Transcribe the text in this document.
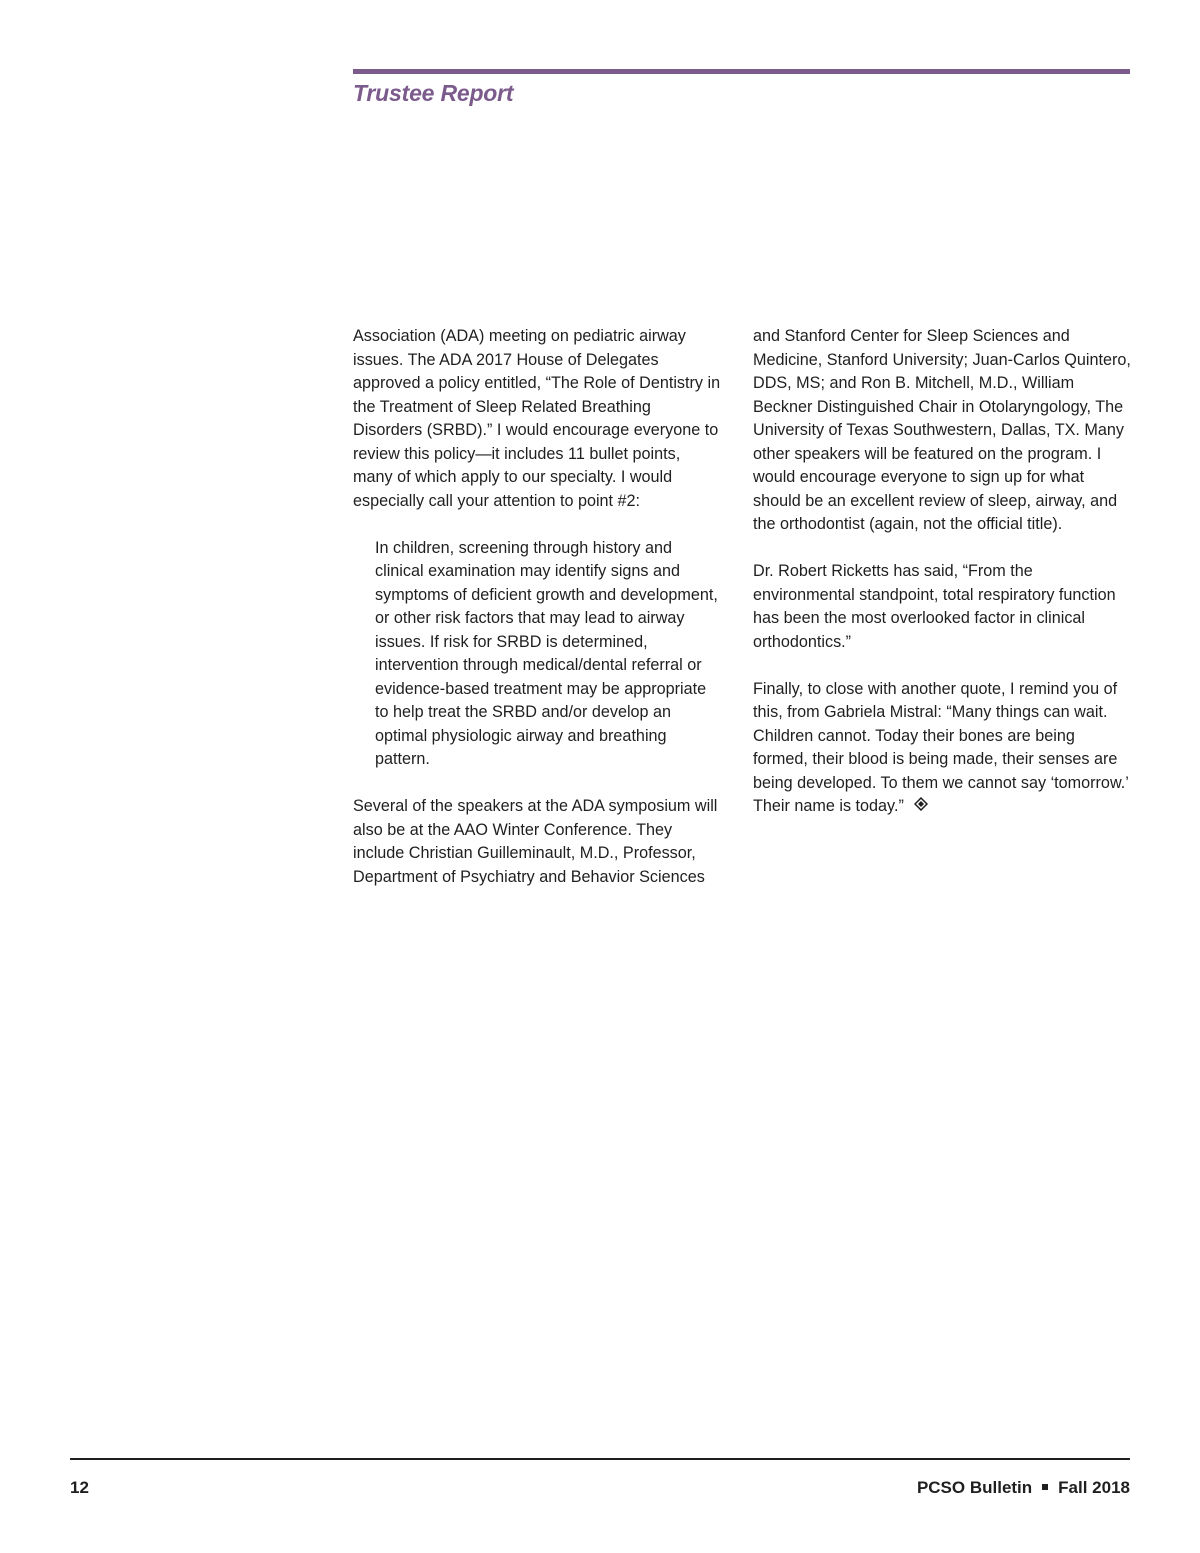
Trustee Report

Association (ADA) meeting on pediatric airway issues. The ADA 2017 House of Delegates approved a policy entitled, “The Role of Dentistry in the Treatment of Sleep Related Breathing Disorders (SRBD).” I would encourage everyone to review this policy—it includes 11 bullet points, many of which apply to our specialty. I would especially call your attention to point #2:

In children, screening through history and clinical examination may identify signs and symptoms of deficient growth and development, or other risk factors that may lead to airway issues. If risk for SRBD is determined, intervention through medical/dental referral or evidence-based treatment may be appropriate to help treat the SRBD and/or develop an optimal physiologic airway and breathing pattern.

Several of the speakers at the ADA symposium will also be at the AAO Winter Conference. They include Christian Guilleminault, M.D., Professor, Department of Psychiatry and Behavior Sciences

and Stanford Center for Sleep Sciences and Medicine, Stanford University; Juan-Carlos Quintero, DDS, MS; and Ron B. Mitchell, M.D., William Beckner Distinguished Chair in Otolaryngology, The University of Texas Southwestern, Dallas, TX. Many other speakers will be featured on the program. I would encourage everyone to sign up for what should be an excellent review of sleep, airway, and the orthodontist (again, not the official title).

Dr. Robert Ricketts has said, “From the environmental standpoint, total respiratory function has been the most overlooked factor in clinical orthodontics.”

Finally, to close with another quote, I remind you of this, from Gabriela Mistral: “Many things can wait. Children cannot. Today their bones are being formed, their blood is being made, their senses are being developed. To them we cannot say ‘tomorrow.’ Their name is today.”

12	PCSO Bulletin Fall 2018
